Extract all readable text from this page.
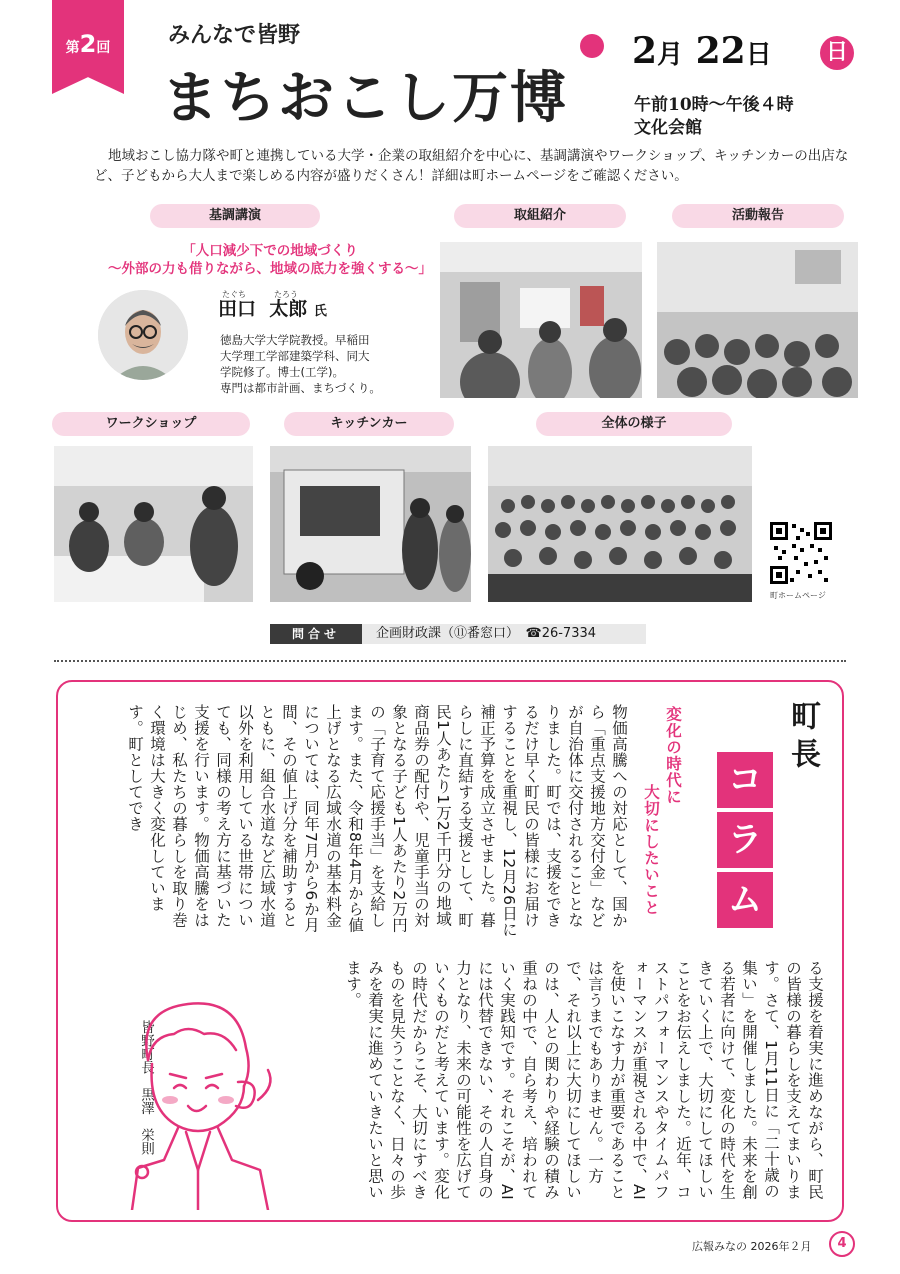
第2回	みんなで皆野
まちおこし万博
2月 22日 日
午前10時〜午後４時
文化会館
地域おこし協力隊や町と連携している大学・企業の取組紹介を中心に、基調講演やワークショップ、キッチンカーの出店など、子どもから大人まで楽しめる内容が盛りだくさん！詳細は町ホームページをご確認ください。
基調講演	取組紹介	活動報告
「人口減少下での地域づくり
〜外部の力も借りながら、地域の底力を強くする〜」
たぐち	たろう
田口 太郎 氏
徳島大学大学院教授。早稲田
大学理工学部建築学科、同大
学院修了。博士(工学)。
専門は都市計画、まちづくり。
ワークショップ	キッチンカー	全体の様子
町ホームページ
問合せ	企画財政課（⑪番窓口）　☎26-7334
町長
コ
ラ
ム
変化の時代に
大切にしたいこと
物価高騰への対応として、国から「重点支援地方交付金」などが自治体に交付されることとなりました。町では、支援をできるだけ早く町民の皆様にお届けすることを重視し、12月26日に補正予算を成立させました。暮らしに直結する支援として、町民1人あたり1万2千円分の地域商品券の配付や、児童手当の対象となる子ども1人あたり2万円の「子育て応援手当」を支給します。また、令和8年4月から値上げとなる広域水道の基本料金については、同年7月から6か月間、その値上げ分を補助するとともに、組合水道など広域水道以外を利用している世帯についても、同様の考え方に基づいた支援を行います。物価高騰をはじめ、私たちの暮らしを取り巻く環境は大きく変化しています。町としてでき
る支援を着実に進めながら、町民の皆様の暮らしを支えてまいります。さて、1月11日に「二十歳の集い」を開催しました。未来を創る若者に向けて、変化の時代を生きていく上で、大切にしてほしいことをお伝えしました。近年、コストパフォーマンスやタイムパフォーマンスが重視される中で、AIを使いこなす力が重要であることは言うまでもありません。一方で、それ以上に大切にしてほしいのは、人との関わりや経験の積み重ねの中で、自ら考え、培われていく実践知です。それこそが、AIには代替できない、その人自身の力となり、未来の可能性を広げていくものだと考えています。変化の時代だからこそ、大切にすべきものを見失うことなく、日々の歩みを着実に進めていきたいと思います。
皆野町長　黒澤　栄則
広報みなの 2026年２月	4
